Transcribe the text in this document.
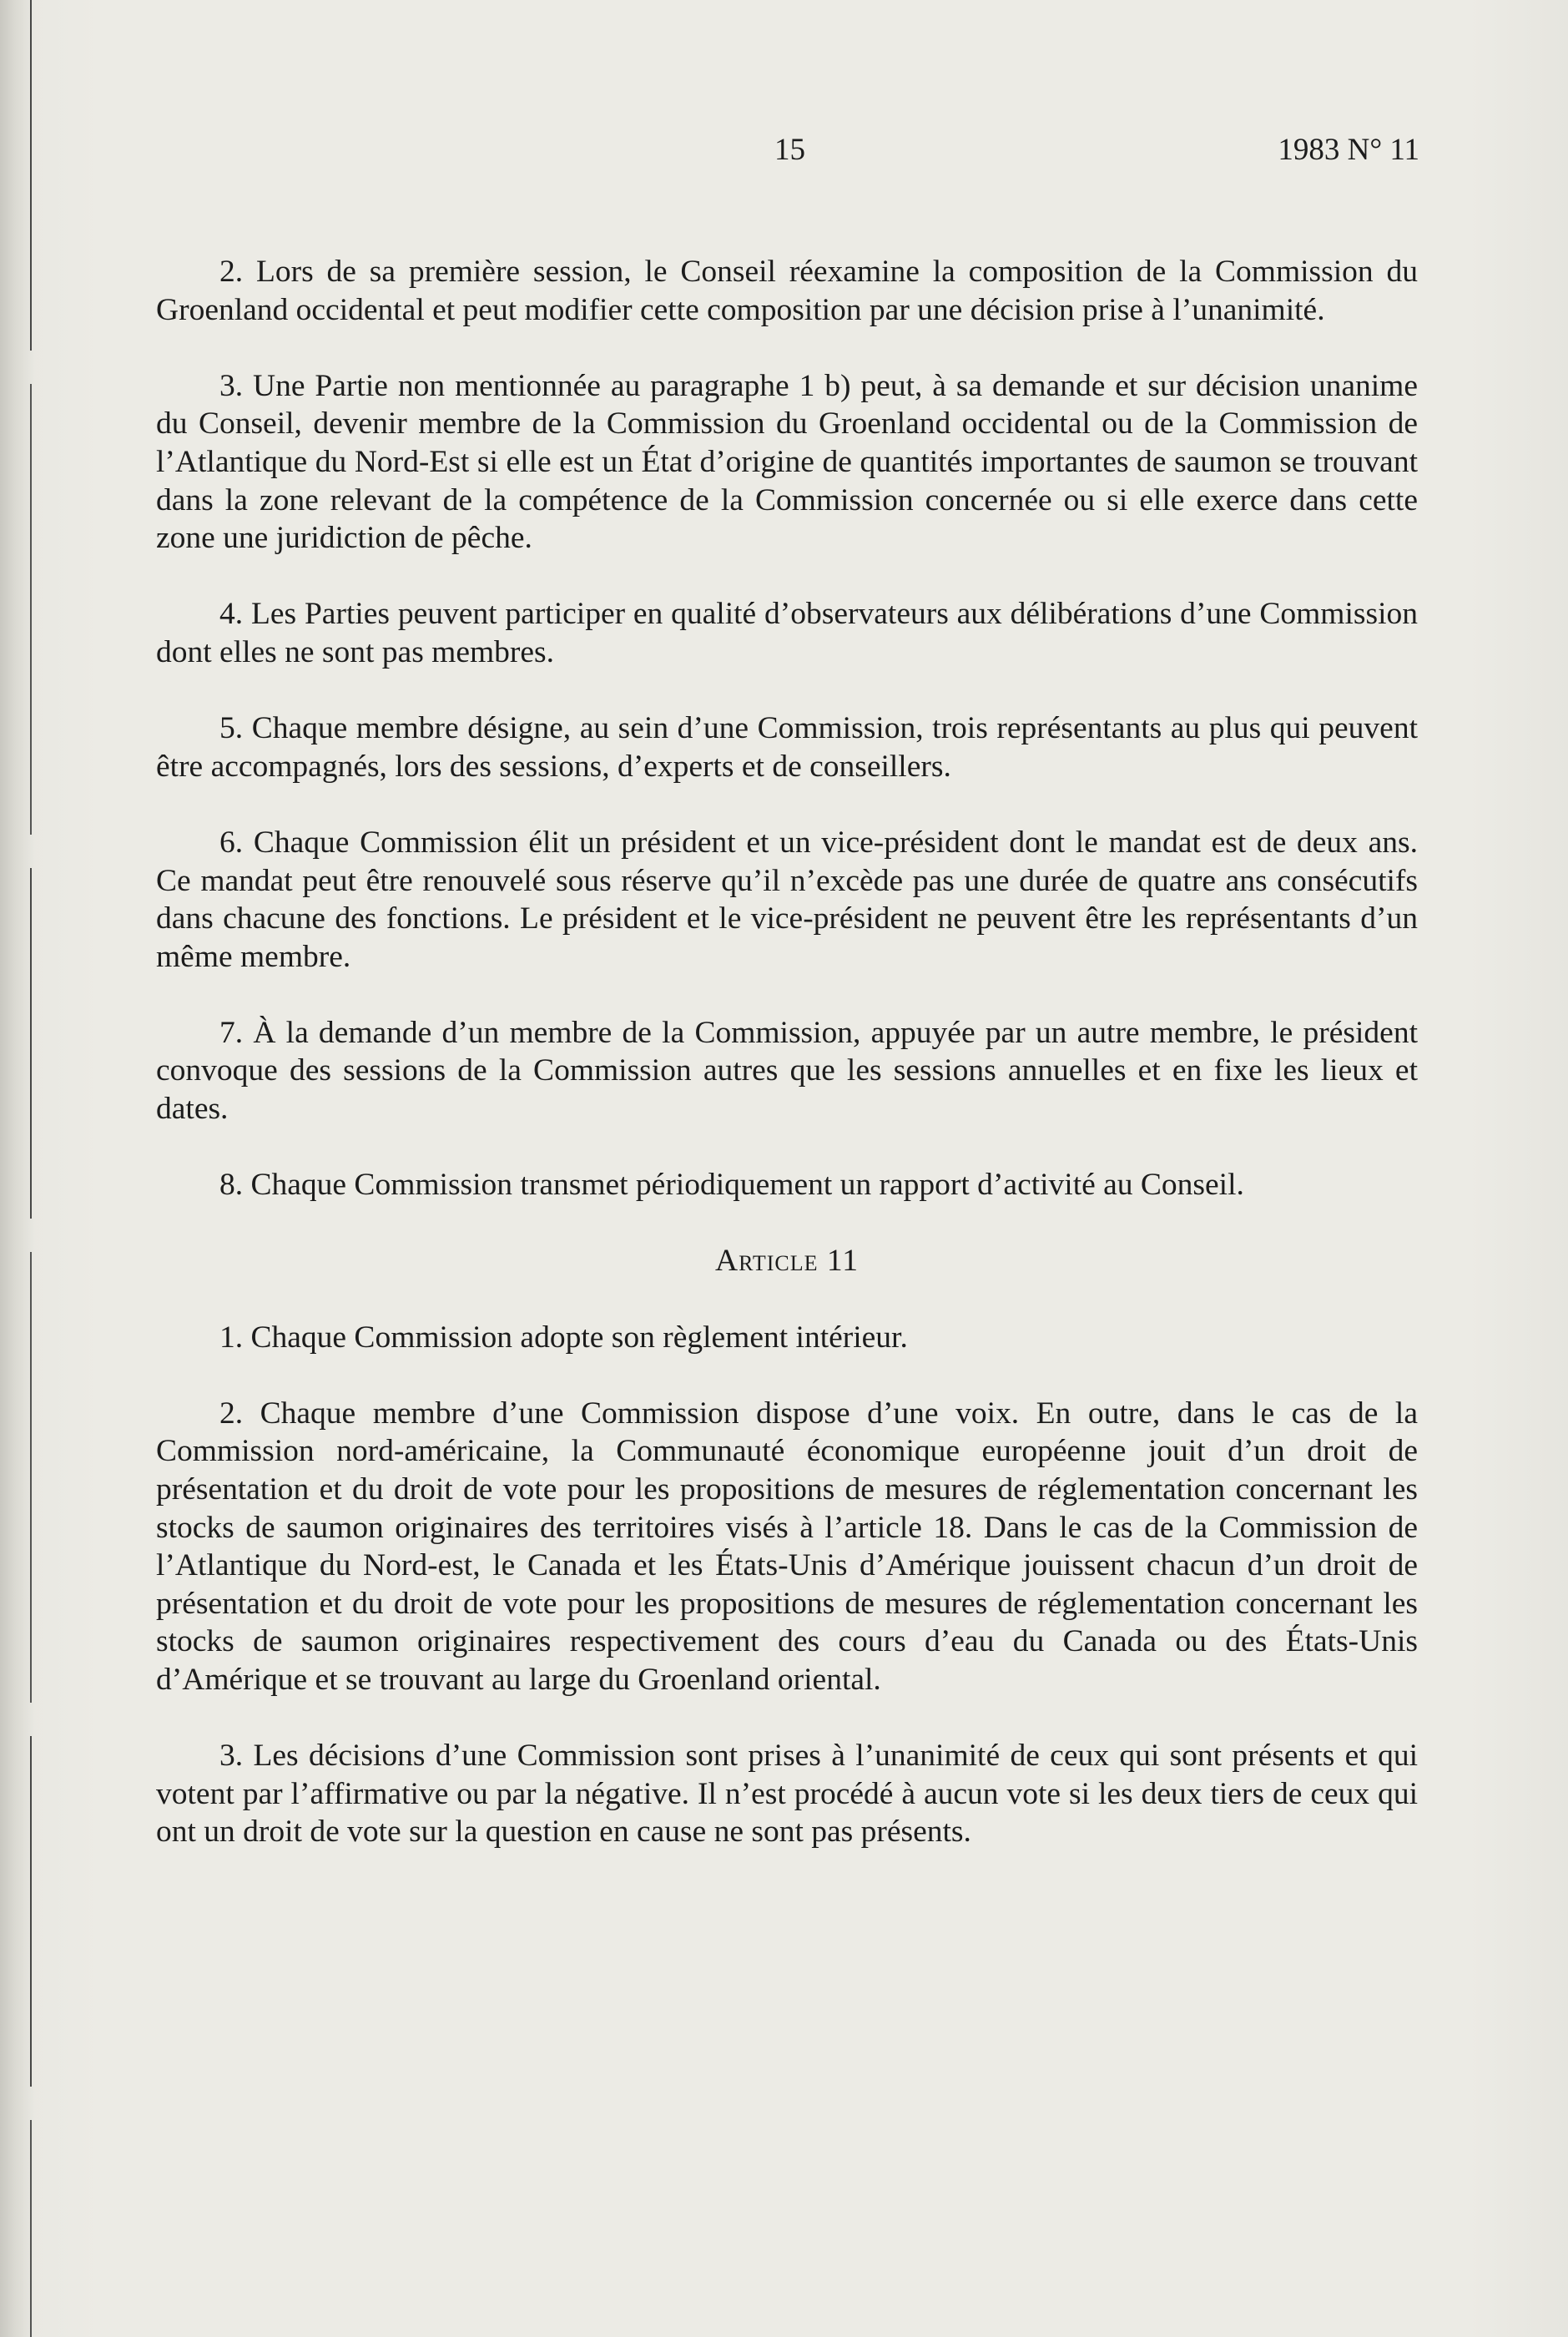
15	1983 N° 11

2. Lors de sa première session, le Conseil réexamine la composition de la Commission du Groenland occidental et peut modifier cette composition par une décision prise à l’unanimité.

3. Une Partie non mentionnée au paragraphe 1 b) peut, à sa demande et sur décision unanime du Conseil, devenir membre de la Commission du Groenland occidental ou de la Commission de l’Atlantique du Nord-Est si elle est un État d’origine de quantités importantes de saumon se trouvant dans la zone relevant de la compétence de la Commission concernée ou si elle exerce dans cette zone une juridiction de pêche.

4. Les Parties peuvent participer en qualité d’observateurs aux délibérations d’une Commission dont elles ne sont pas membres.

5. Chaque membre désigne, au sein d’une Commission, trois représentants au plus qui peuvent être accompagnés, lors des sessions, d’experts et de conseillers.

6. Chaque Commission élit un président et un vice-président dont le mandat est de deux ans. Ce mandat peut être renouvelé sous réserve qu’il n’excède pas une durée de quatre ans consécutifs dans chacune des fonctions. Le président et le vice-président ne peuvent être les représentants d’un même membre.

7. À la demande d’un membre de la Commission, appuyée par un autre membre, le président convoque des sessions de la Commission autres que les sessions annuelles et en fixe les lieux et dates.

8. Chaque Commission transmet périodiquement un rapport d’activité au Conseil.

Article 11

1. Chaque Commission adopte son règlement intérieur.

2. Chaque membre d’une Commission dispose d’une voix. En outre, dans le cas de la Commission nord-américaine, la Communauté économique européenne jouit d’un droit de présentation et du droit de vote pour les propositions de mesures de réglementation concernant les stocks de saumon originaires des territoires visés à l’article 18. Dans le cas de la Commission de l’Atlantique du Nord-est, le Canada et les États-Unis d’Amérique jouissent chacun d’un droit de présentation et du droit de vote pour les propositions de mesures de réglementation concernant les stocks de saumon originaires respectivement des cours d’eau du Canada ou des États-Unis d’Amérique et se trouvant au large du Groenland oriental.

3. Les décisions d’une Commission sont prises à l’unanimité de ceux qui sont présents et qui votent par l’affirmative ou par la négative. Il n’est procédé à aucun vote si les deux tiers de ceux qui ont un droit de vote sur la question en cause ne sont pas présents.
